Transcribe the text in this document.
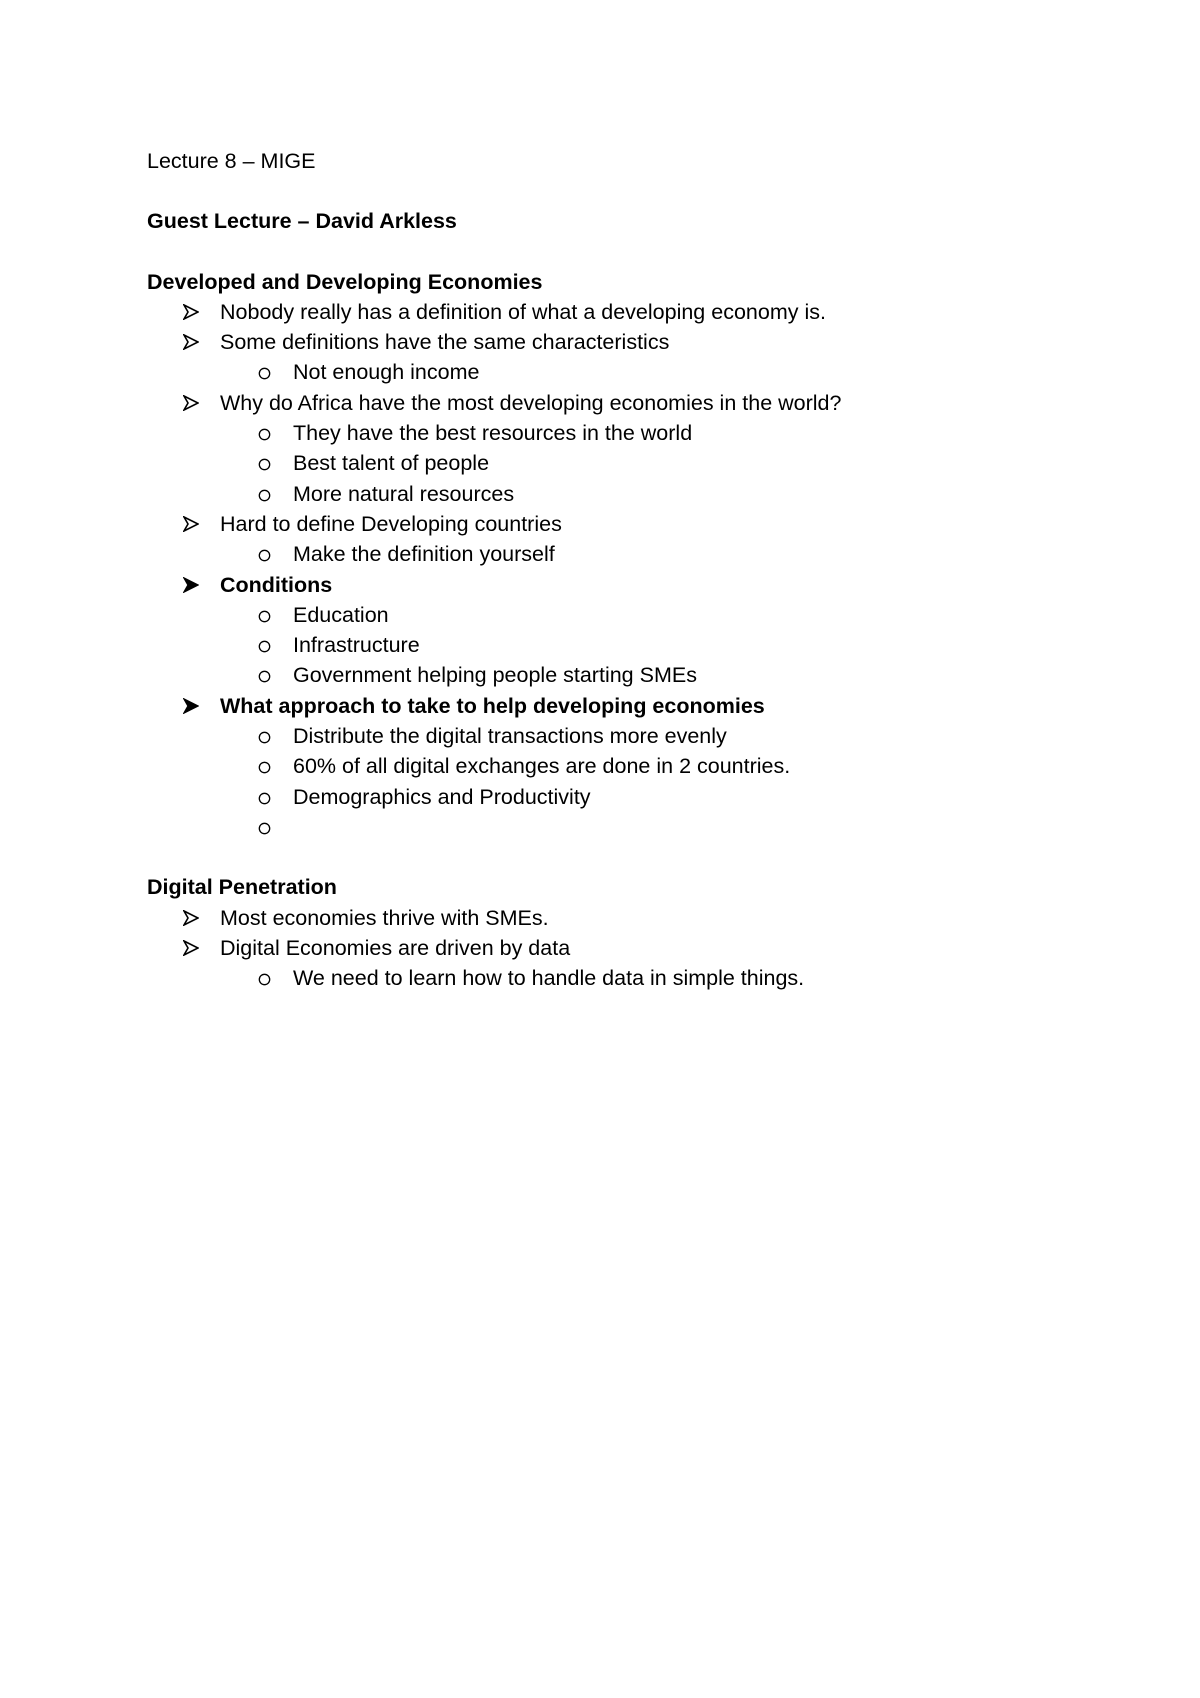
Lecture 8 – MIGE

Guest Lecture – David Arkless

Developed and Developing Economies

Nobody really has a definition of what a developing economy is.
Some definitions have the same characteristics
Not enough income
Why do Africa have the most developing economies in the world?
They have the best resources in the world
Best talent of people
More natural resources
Hard to define Developing countries
Make the definition yourself
Conditions
Education
Infrastructure
Government helping people starting SMEs
What approach to take to help developing economies
Distribute the digital transactions more evenly
60% of all digital exchanges are done in 2 countries.
Demographics and Productivity

Digital Penetration

Most economies thrive with SMEs.
Digital Economies are driven by data
We need to learn how to handle data in simple things.
